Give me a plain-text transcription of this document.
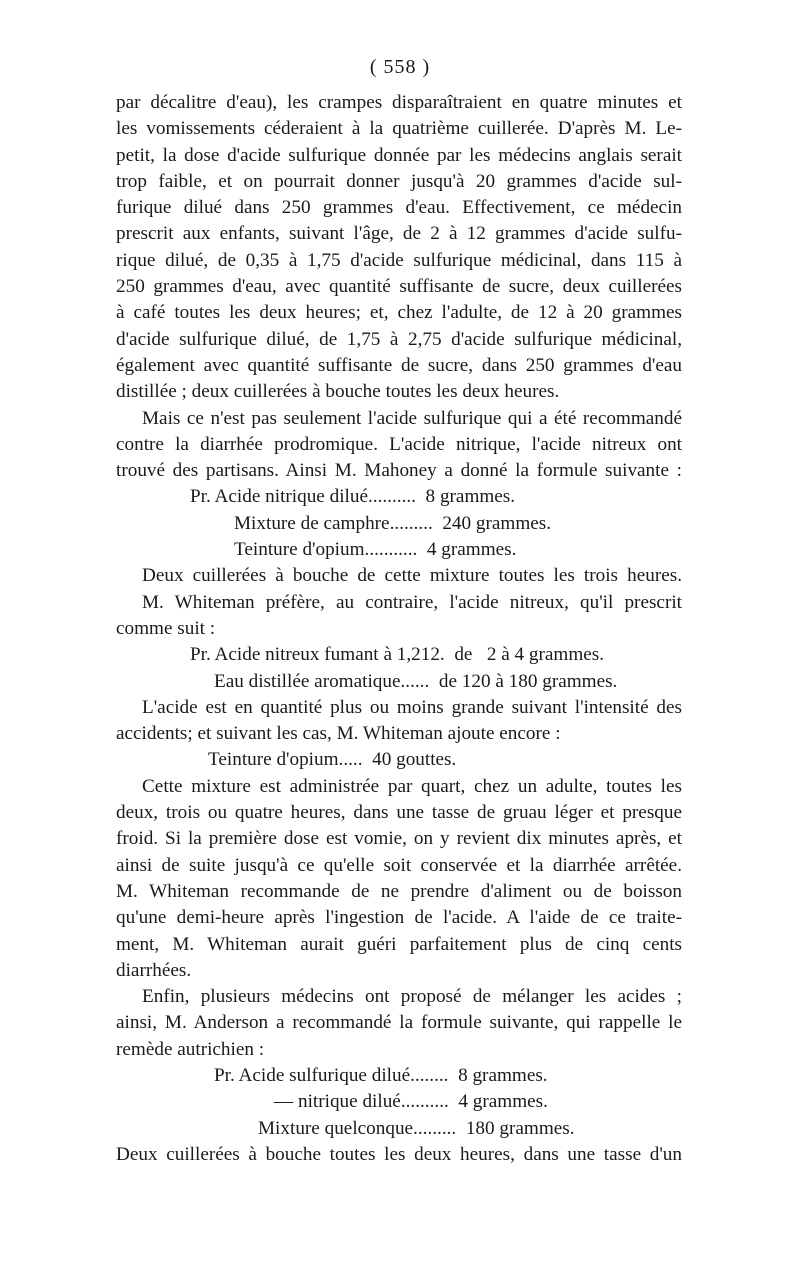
( 558 )
par décalitre d'eau), les crampes disparaîtraient en quatre minutes et
les vomissements céderaient à la quatrième cuillerée. D'après M. Le-
petit, la dose d'acide sulfurique donnée par les médecins anglais serait
trop faible, et on pourrait donner jusqu'à 20 grammes d'acide sul-
furique dilué dans 250 grammes d'eau. Effectivement, ce médecin
prescrit aux enfants, suivant l'âge, de 2 à 12 grammes d'acide sulfu-
rique dilué, de 0,35 à 1,75 d'acide sulfurique médicinal, dans 115 à
250 grammes d'eau, avec quantité suffisante de sucre, deux cuillerées
à café toutes les deux heures; et, chez l'adulte, de 12 à 20 grammes
d'acide sulfurique dilué, de 1,75 à 2,75 d'acide sulfurique médicinal,
également avec quantité suffisante de sucre, dans 250 grammes d'eau
distillée ; deux cuillerées à bouche toutes les deux heures.
Mais ce n'est pas seulement l'acide sulfurique qui a été recommandé
contre la diarrhée prodromique. L'acide nitrique, l'acide nitreux ont
trouvé des partisans. Ainsi M. Mahoney a donné la formule suivante :
Pr. Acide nitrique dilué..........  8 grammes.
Mixture de camphre.........  240 grammes.
Teinture d'opium...........  4 grammes.
Deux cuillerées à bouche de cette mixture toutes les trois heures.
M. Whiteman préfère, au contraire, l'acide nitreux, qu'il prescrit
comme suit :
Pr. Acide nitreux fumant à 1,212.  de   2 à 4 grammes.
Eau distillée aromatique......  de 120 à 180 grammes.
L'acide est en quantité plus ou moins grande suivant l'intensité des
accidents; et suivant les cas, M. Whiteman ajoute encore :
Teinture d'opium.....  40 gouttes.
Cette mixture est administrée par quart, chez un adulte, toutes les
deux, trois ou quatre heures, dans une tasse de gruau léger et presque
froid. Si la première dose est vomie, on y revient dix minutes après, et
ainsi de suite jusqu'à ce qu'elle soit conservée et la diarrhée arrêtée.
M. Whiteman recommande de ne prendre d'aliment ou de boisson
qu'une demi-heure après l'ingestion de l'acide. A l'aide de ce traite-
ment, M. Whiteman aurait guéri parfaitement plus de cinq cents
diarrhées.
Enfin, plusieurs médecins ont proposé de mélanger les acides ;
ainsi, M. Anderson a recommandé la formule suivante, qui rappelle le
remède autrichien :
Pr. Acide sulfurique dilué........  8 grammes.
— nitrique dilué..........  4 grammes.
Mixture quelconque.........  180 grammes.
Deux cuillerées à bouche toutes les deux heures, dans une tasse d'un
